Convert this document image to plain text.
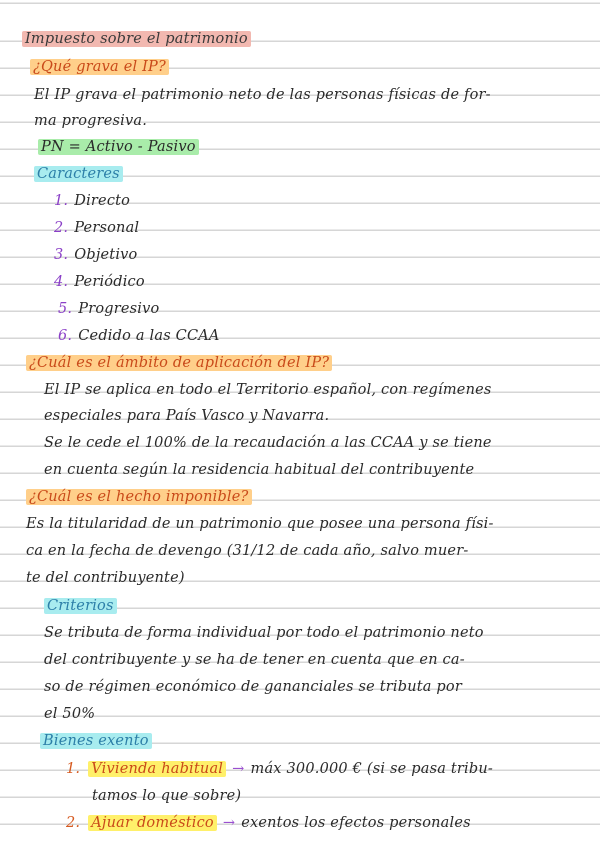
Impuesto sobre el patrimonio
¿Qué grava el IP?
El IP grava el patrimonio neto de las personas físicas de for-
ma progresiva.
PN = Activo - Pasivo
Caracteres
1. Directo
2. Personal
3. Objetivo
4. Periódico
5. Progresivo
6. Cedido a las CCAA
¿Cuál es el ámbito de aplicación del IP?
El IP se aplica en todo el Territorio español, con regímenes
especiales para País Vasco y Navarra.
Se le cede el 100% de la recaudación a las CCAA y se tiene
en cuenta según la residencia habitual del contribuyente
¿Cuál es el hecho imponible?
Es la titularidad de un patrimonio que posee una persona físi-
ca en la fecha de devengo (31/12 de cada año, salvo muer-
te del contribuyente)
Criterios
Se tributa de forma individual por todo el patrimonio neto
del contribuyente y se ha de tener en cuenta que en ca-
so de régimen económico de gananciales se tributa por
el 50%
Bienes exento
1. Vivienda habitual → máx 300.000 € (si se pasa tribu-
tamos lo que sobre)
2. Ajuar doméstico → exentos los efectos personales
